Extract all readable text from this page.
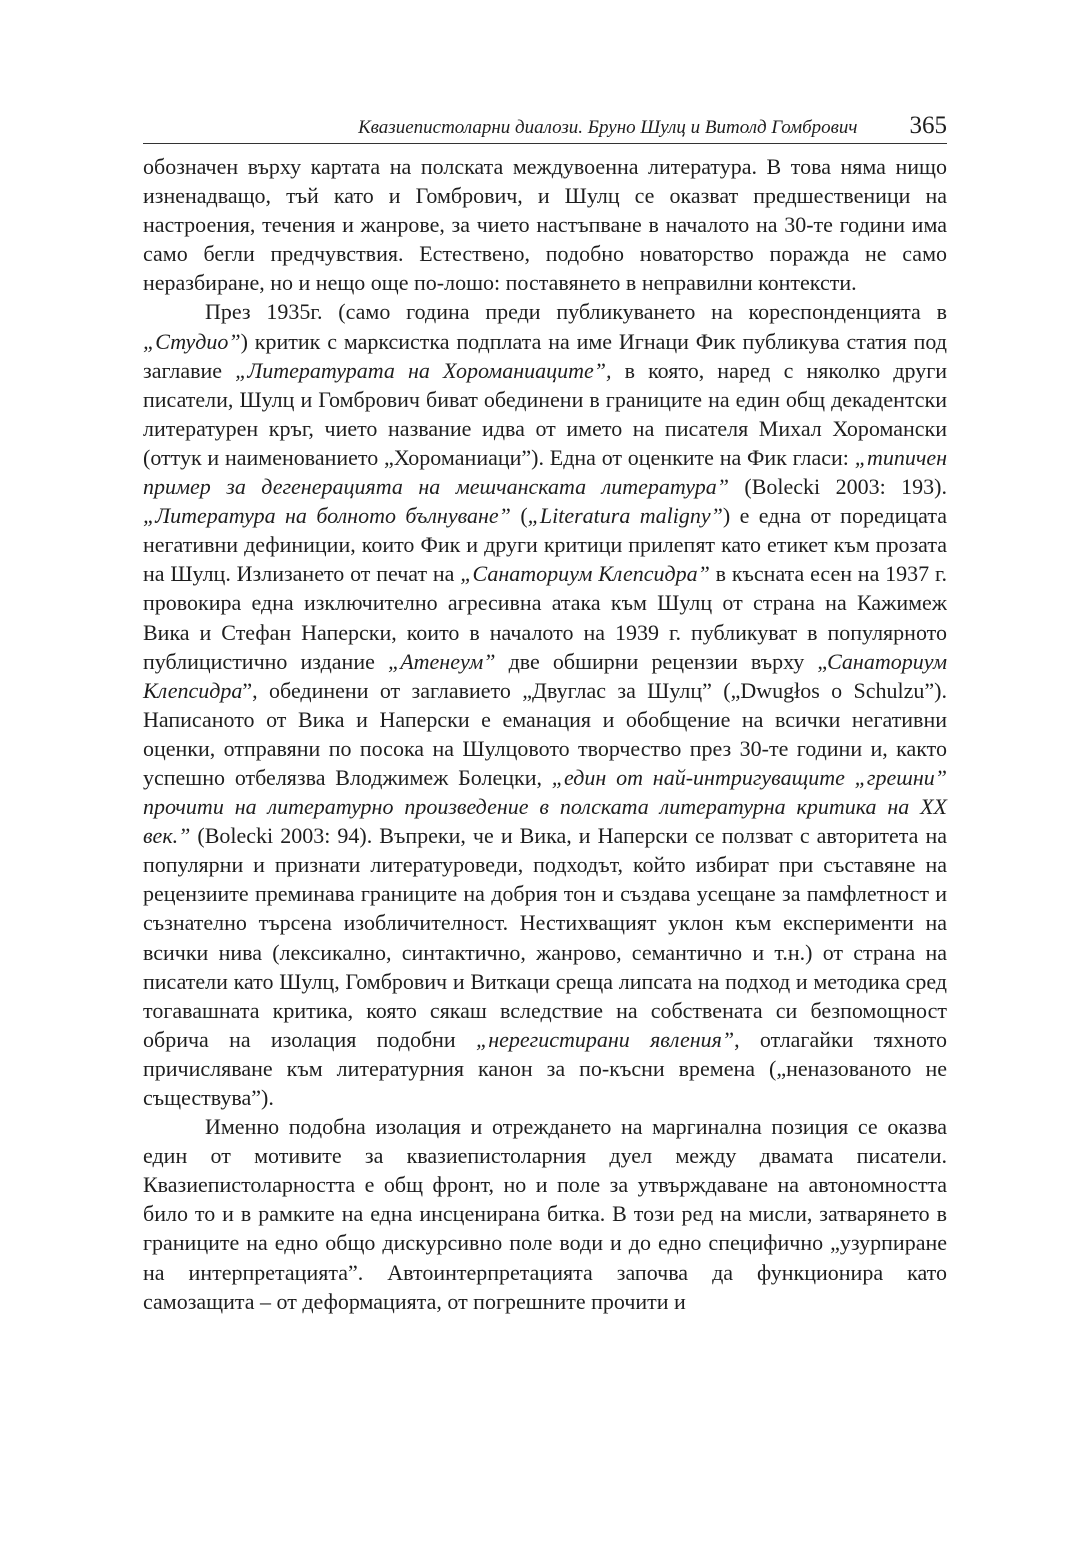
Квазиепистоларни диалози. Бруно Шулц и Витолд Гомбрович 365

обозначен върху картата на полската междувоенна литература. В това няма нищо изненадващо, тъй като и Гомбрович, и Шулц се оказват предшественици на настроения, течения и жанрове, за чието настъпване в началото на 30-те години има само бегли предчувствия. Естествено, подобно новаторство поражда не само неразбиране, но и нещо още по-лошо: поставянето в неправилни контексти.

През 1935г. (само година преди публикуването на кореспонденцията в „Студио”) критик с марксистка подплата на име Игнаци Фик публикува статия под заглавие „Литературата на Хоромaниаците”, в която, наред с няколко други писатели, Шулц и Гомбрович биват обединени в границите на един общ декадентски литературен кръг, чието название идва от името на писателя Михал Хоромански (оттук и наименованието „Хоромaниаци”). Една от оценките на Фик гласи: „типичен пример за дегенерацията на мешчанската литература” (Bolecki 2003: 193). „Литература на болното бълнуване” („Literatura maligny”) е една от поредицата негативни дефиниции, които Фик и други критици прилепят като етикет към прозата на Шулц. Излизането от печат на „Санаториум Клепсидра” в късната есен на 1937 г. провокира една изключително агресивна атака към Шулц от страна на Кажимеж Вика и Стефан Наперски, които в началото на 1939 г. публикуват в популярното публицистично издание „Атенеум” две обширни рецензии върху „Санаториум Клепсидра”, обединени от заглавието „Двуглас за Шулц” („Dwugłos o Schulzu”). Написаното от Вика и Наперски е еманация и обобщение на всички негативни оценки, отправяни по посока на Шулцовото творчество през 30-те години и, както успешно отбелязва Влоджимеж Болецки, „един от най-интригуващите „грешни” прочити на литературно произведение в полската литературна критика на ХХ век.” (Bolecki 2003: 94). Въпреки, че и Вика, и Наперски се ползват с авторитета на популярни и признати литературоведи, подходът, който избират при съставяне на рецензиите преминава границите на добрия тон и създава усещане за памфлетност и съзнателно търсена изобличителност. Нестихващият уклон към експерименти на всички нива (лексикално, синтактично, жанрово, семантично и т.н.) от страна на писатели като Шулц, Гомбрович и Виткаци среща липсата на подход и методика сред тогавашната критика, която сякаш вследствие на собствената си безпомощност обрича на изолация подобни „нерегистирани явления”, отлагайки тяхното причисляване към литературния канон за по-късни времена („неназованото не съществува”).

Именно подобна изолация и отрежданeто на маргинална позиция се оказва един от мотивите за квазиепистоларния дуел между двамата писатели. Квазиепистоларността е общ фронт, но и поле за утвърждаване на автономността било то и в рамките на една инсценирана битка. В този ред на мисли, затварянето в границите на едно общо дискурсивно поле води и до едно специфично „узурпиране на интерпретацията”. Автоинтерпретацията започва да функционира като самозащита – от деформацията, от погрешните прочити и
